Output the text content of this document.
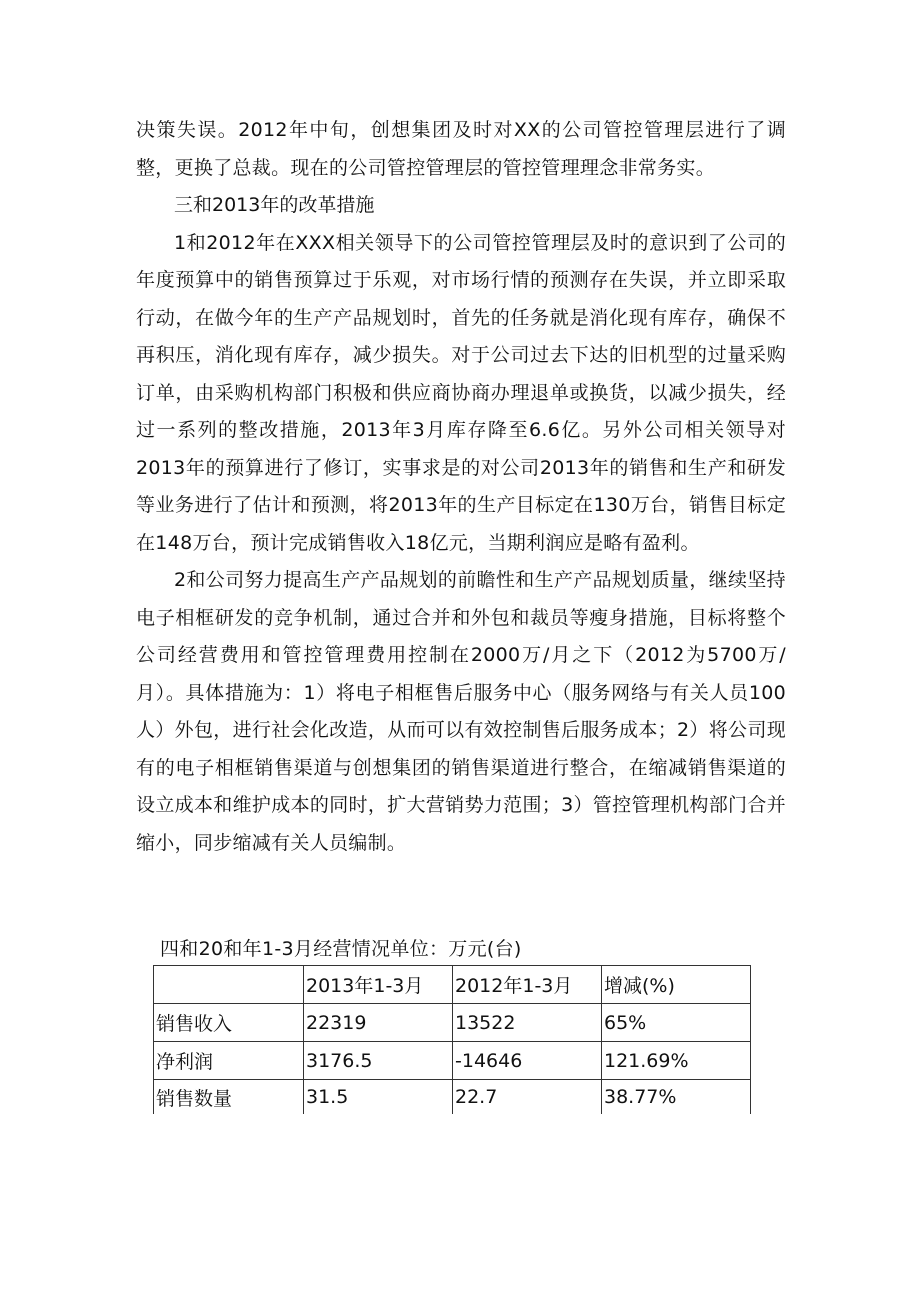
决策失误。2012年中旬，创想集团及时对XX的公司管控管理层进行了调整，更换了总裁。现在的公司管控管理层的管控管理理念非常务实。

三和2013年的改革措施

1和2012年在XXX相关领导下的公司管控管理层及时的意识到了公司的年度预算中的销售预算过于乐观，对市场行情的预测存在失误，并立即采取行动，在做今年的生产产品规划时，首先的任务就是消化现有库存，确保不再积压，消化现有库存，减少损失。对于公司过去下达的旧机型的过量采购订单，由采购机构部门积极和供应商协商办理退单或换货，以减少损失，经过一系列的整改措施，2013年3月库存降至6.6亿。另外公司相关领导对2013年的预算进行了修订，实事求是的对公司2013年的销售和生产和研发等业务进行了估计和预测，将2013年的生产目标定在130万台，销售目标定在148万台，预计完成销售收入18亿元，当期利润应是略有盈利。

2和公司努力提高生产产品规划的前瞻性和生产产品规划质量，继续坚持电子相框研发的竞争机制，通过合并和外包和裁员等瘦身措施，目标将整个公司经营费用和管控管理费用控制在2000万/月之下（2012为5700万/月）。具体措施为：1）将电子相框售后服务中心（服务网络与有关人员100人）外包，进行社会化改造，从而可以有效控制售后服务成本；2）将公司现有的电子相框销售渠道与创想集团的销售渠道进行整合，在缩减销售渠道的设立成本和维护成本的同时，扩大营销势力范围；3）管控管理机构部门合并缩小，同步缩减有关人员编制。

四和20和年1-3月经营情况单位：万元(台)
	2013年1-3月	2012年1-3月	增减(%)
销售收入	22319	13522	65%
净利润	3176.5	-14646	121.69%
销售数量	31.5	22.7	38.77%
